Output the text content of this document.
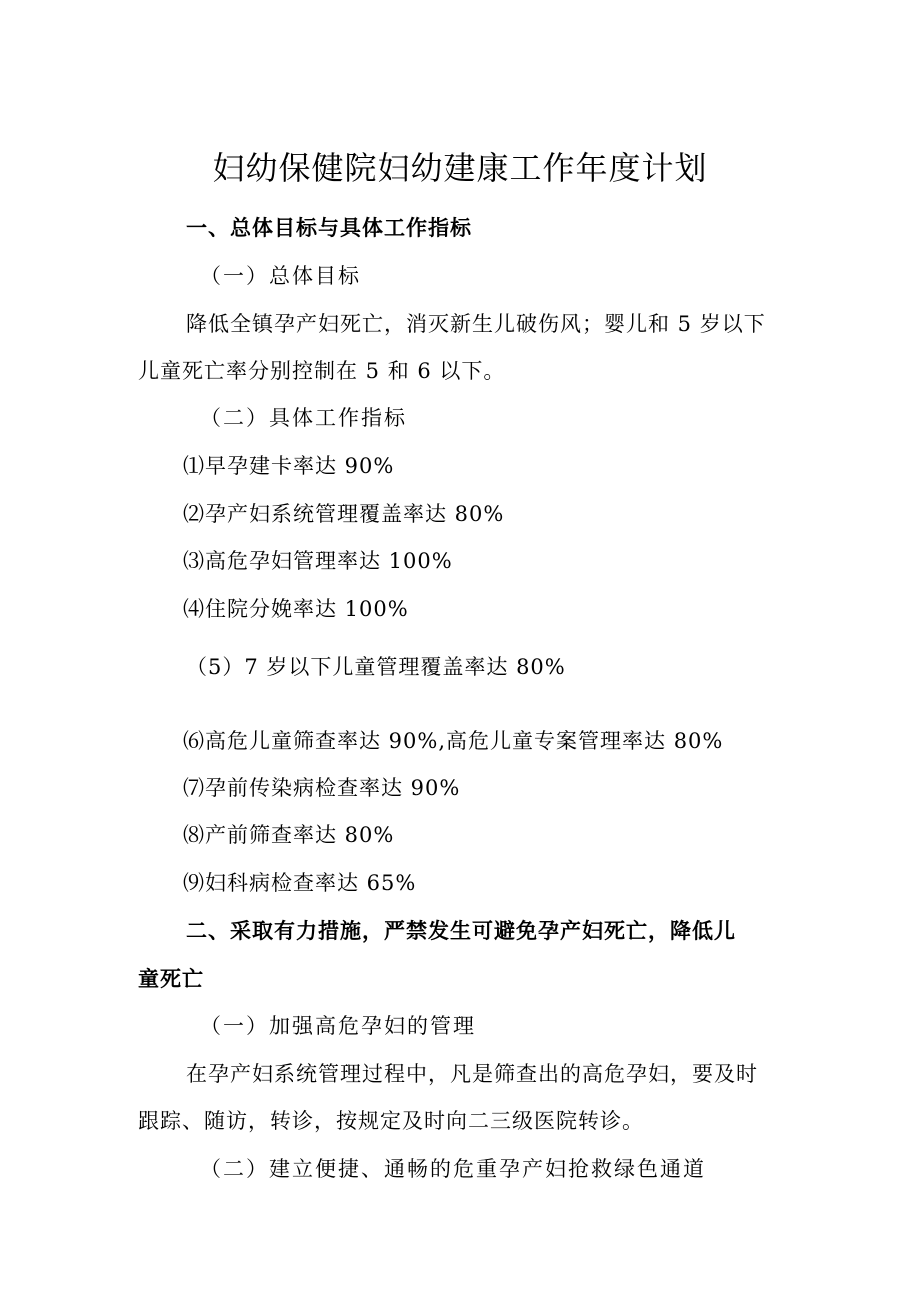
妇幼保健院妇幼建康工作年度计划
一、总体目标与具体工作指标
（一）总体目标
降低全镇孕产妇死亡，消灭新生儿破伤风；婴儿和 5 岁以下
儿童死亡率分别控制在 5 和 6 以下。
（二）具体工作指标
⑴早孕建卡率达 90%
⑵孕产妇系统管理覆盖率达 80%
⑶高危孕妇管理率达 100%
⑷住院分娩率达 100%
（5）7 岁以下儿童管理覆盖率达 80%
⑹高危儿童筛查率达 90%,高危儿童专案管理率达 80%
⑺孕前传染病检查率达 90%
⑻产前筛查率达 80%
⑼妇科病检查率达 65%
二、采取有力措施，严禁发生可避免孕产妇死亡，降低儿
童死亡
（一）加强高危孕妇的管理
在孕产妇系统管理过程中，凡是筛查出的高危孕妇，要及时
跟踪、随访，转诊，按规定及时向二三级医院转诊。
（二）建立便捷、通畅的危重孕产妇抢救绿色通道
